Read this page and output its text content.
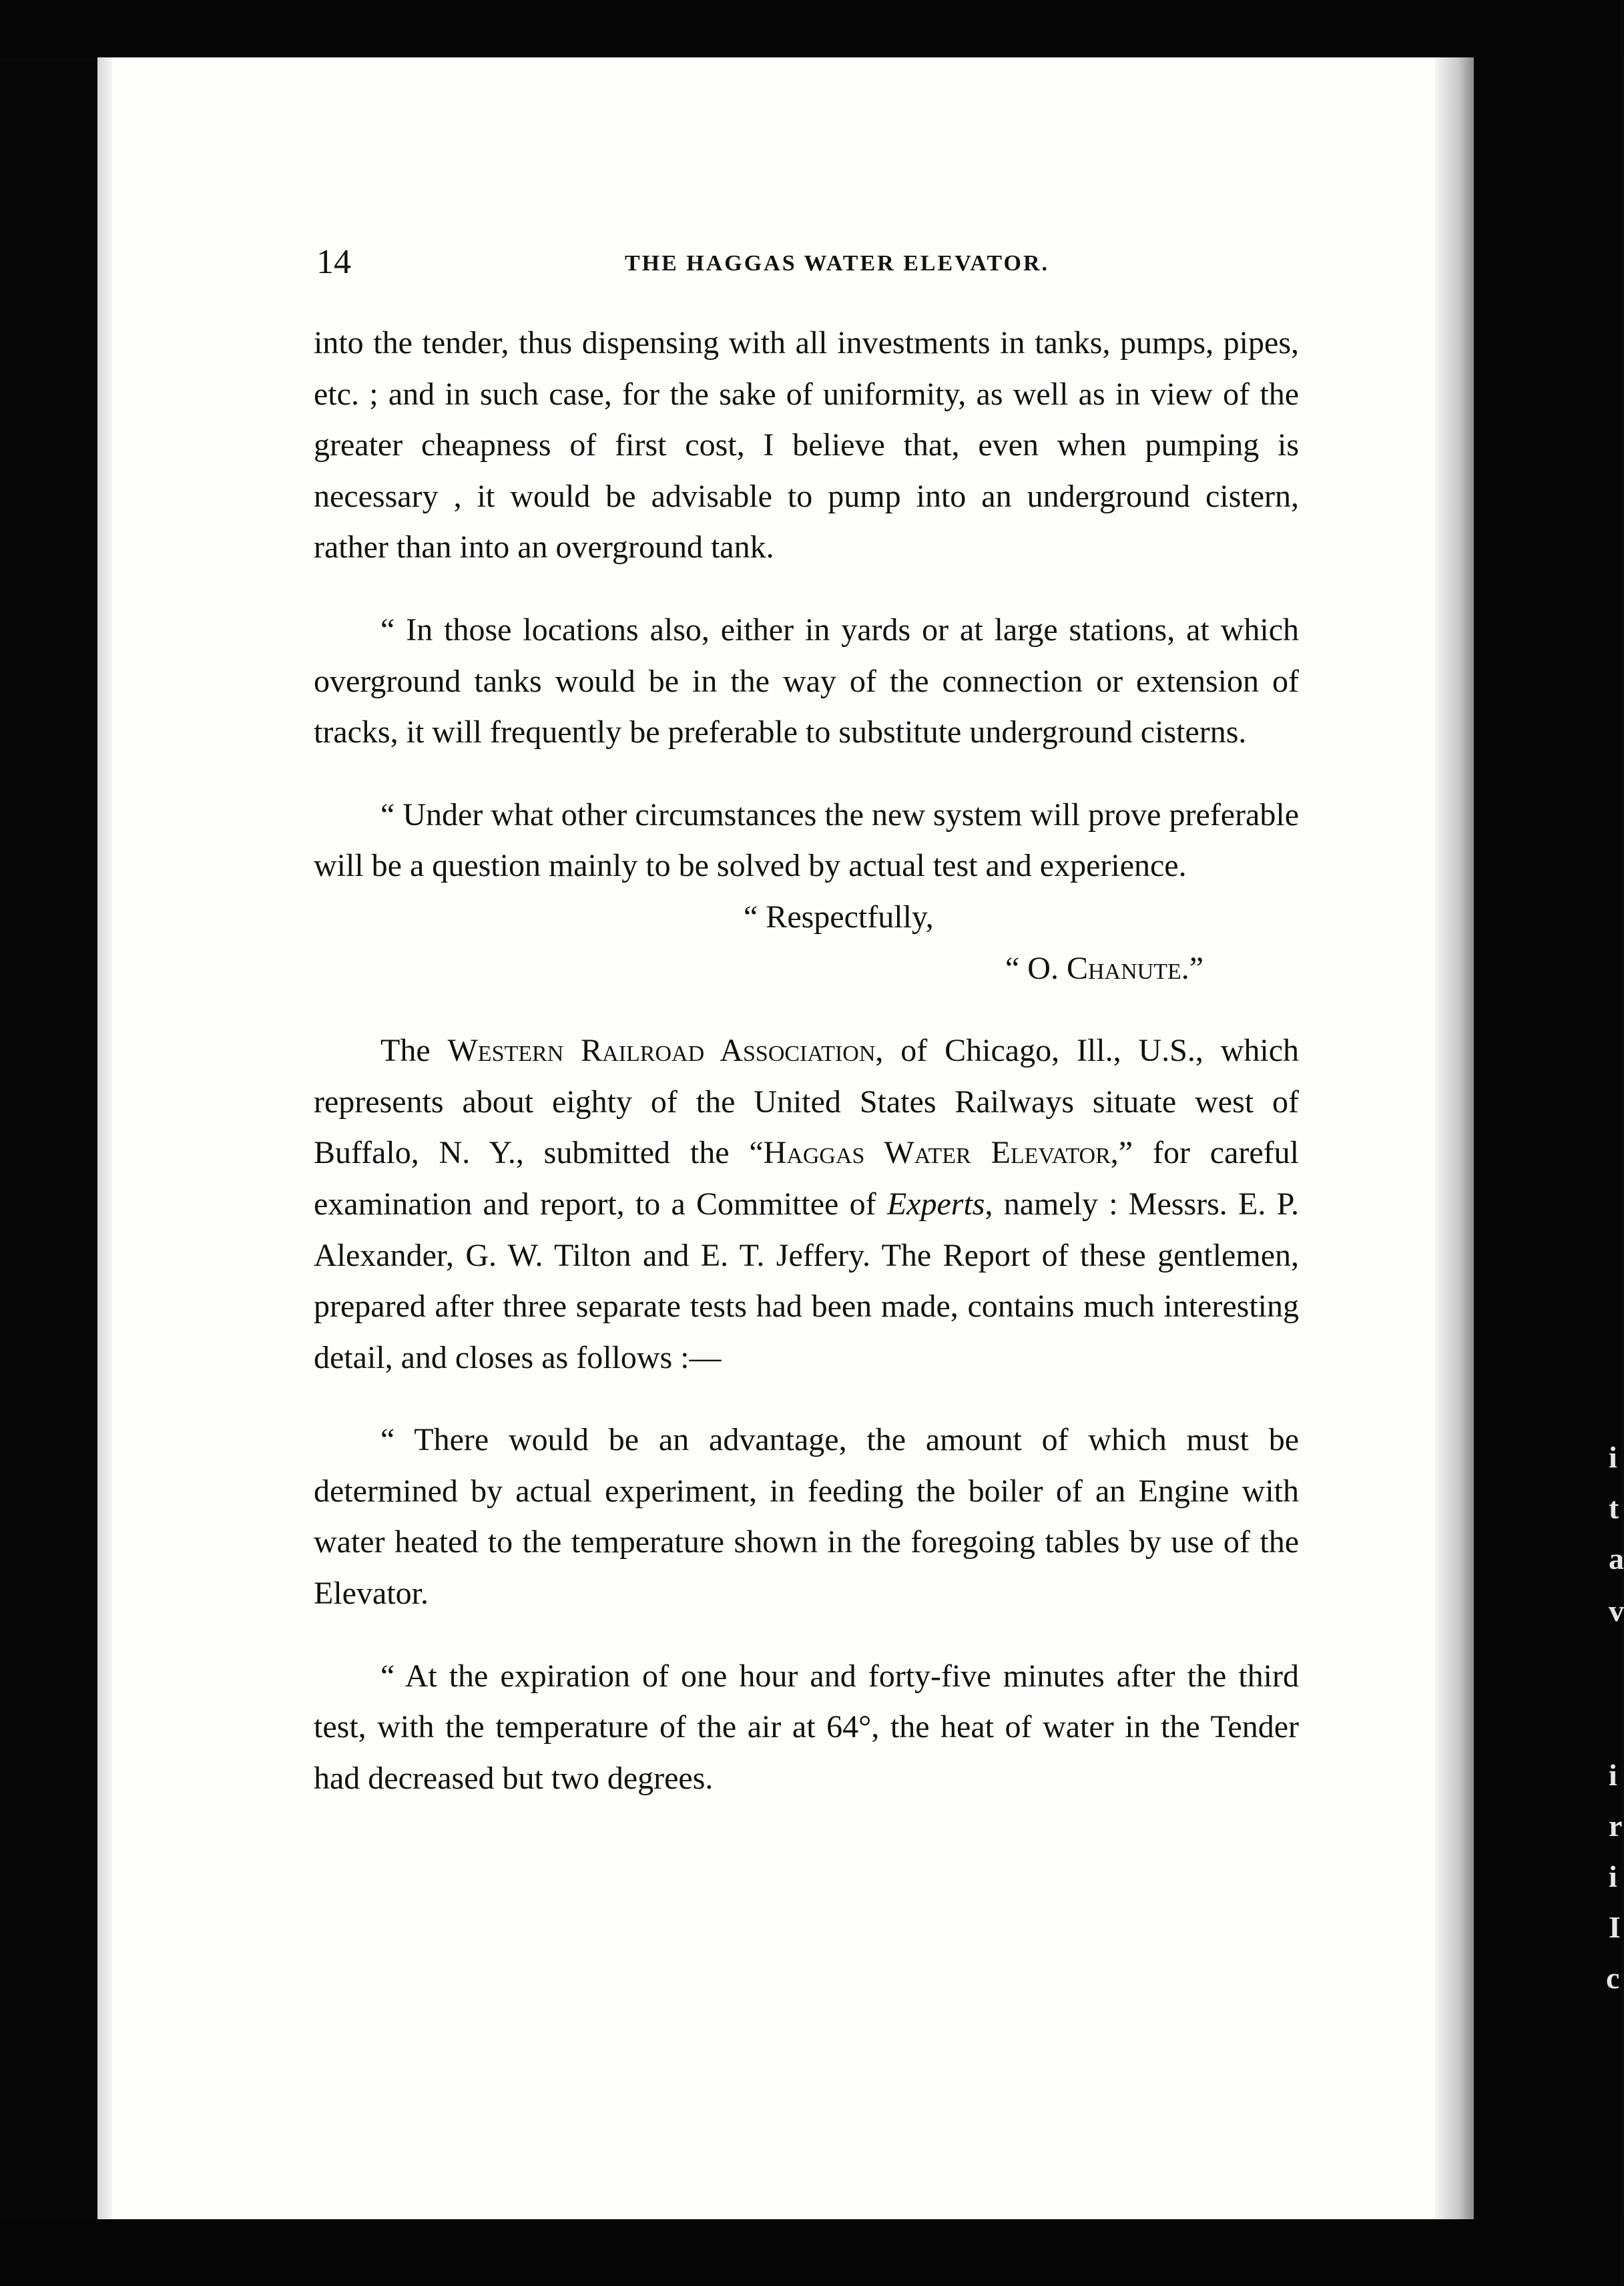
i
t
a
v
i
r
i
I
c
14	THE HAGGAS WATER ELEVATOR.

into the tender, thus dispensing with all investments in tanks, pumps, pipes, etc. ; and in such case, for the sake of uniformity, as well as in view of the greater cheapness of first cost, I believe that, even when pumping is necessary , it would be advisable to pump into an underground cistern, rather than into an overground tank.

“ In those locations also, either in yards or at large stations, at which overground tanks would be in the way of the connection or extension of tracks, it will frequently be preferable to substitute underground cisterns.

“ Under what other circumstances the new system will prove preferable will be a question mainly to be solved by actual test and experience.

“ Respectfully,

“ O. Chanute.”

The Western Railroad Association, of Chicago, Ill., U.S., which represents about eighty of the United States Railways situate west of Buffalo, N. Y., submitted the “Haggas Water Elevator,” for careful examination and report, to a Committee of Experts, namely : Messrs. E. P. Alexander, G. W. Tilton and E. T. Jeffery. The Report of these gentlemen, prepared after three separate tests had been made, contains much interesting detail, and closes as follows :—

“ There would be an advantage, the amount of which must be determined by actual experiment, in feeding the boiler of an Engine with water heated to the temperature shown in the foregoing tables by use of the Elevator.

“ At the expiration of one hour and forty-five minutes after the third test, with the temperature of the air at 64°, the heat of water in the Tender had decreased but two degrees.
